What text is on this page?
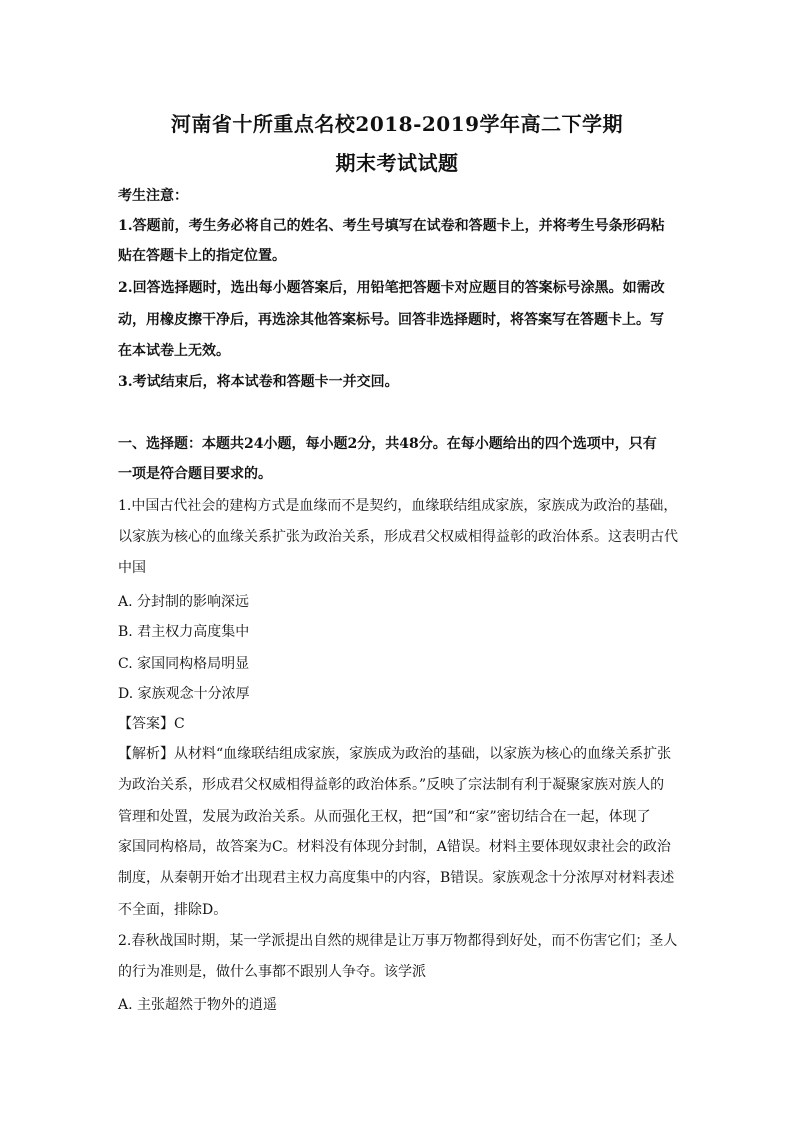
河南省十所重点名校2018-2019学年高二下学期
期末考试试题
考生注意：
1.答题前，考生务必将自己的姓名、考生号填写在试卷和答题卡上，并将考生号条形码粘
贴在答题卡上的指定位置。
2.回答选择题时，选出每小题答案后，用铅笔把答题卡对应题目的答案标号涂黑。如需改
动，用橡皮擦干净后，再选涂其他答案标号。回答非选择题时，将答案写在答题卡上。写
在本试卷上无效。
3.考试结束后，将本试卷和答题卡一并交回。
一、选择题：本题共24小题，每小题2分，共48分。在每小题给出的四个选项中，只有
一项是符合题目要求的。
1.中国古代社会的建构方式是血缘而不是契约，血缘联结组成家族，家族成为政治的基础，
以家族为核心的血缘关系扩张为政治关系，形成君父权威相得益彰的政治体系。这表明古代
中国
A. 分封制的影响深远
B. 君主权力高度集中
C. 家国同构格局明显
D. 家族观念十分浓厚
【答案】C
【解析】从材料“血缘联结组成家族，家族成为政治的基础，以家族为核心的血缘关系扩张
为政治关系，形成君父权威相得益彰的政治体系。”反映了宗法制有利于凝聚家族对族人的
管理和处置，发展为政治关系。从而强化王权，把“国”和“家”密切结合在一起，体现了
家国同构格局，故答案为C。材料没有体现分封制，A错误。材料主要体现奴隶社会的政治
制度，从秦朝开始才出现君主权力高度集中的内容，B错误。家族观念十分浓厚对材料表述
不全面，排除D。
2.春秋战国时期，某一学派提出自然的规律是让万事万物都得到好处，而不伤害它们；圣人
的行为准则是，做什么事都不跟别人争夺。该学派
A. 主张超然于物外的逍遥
